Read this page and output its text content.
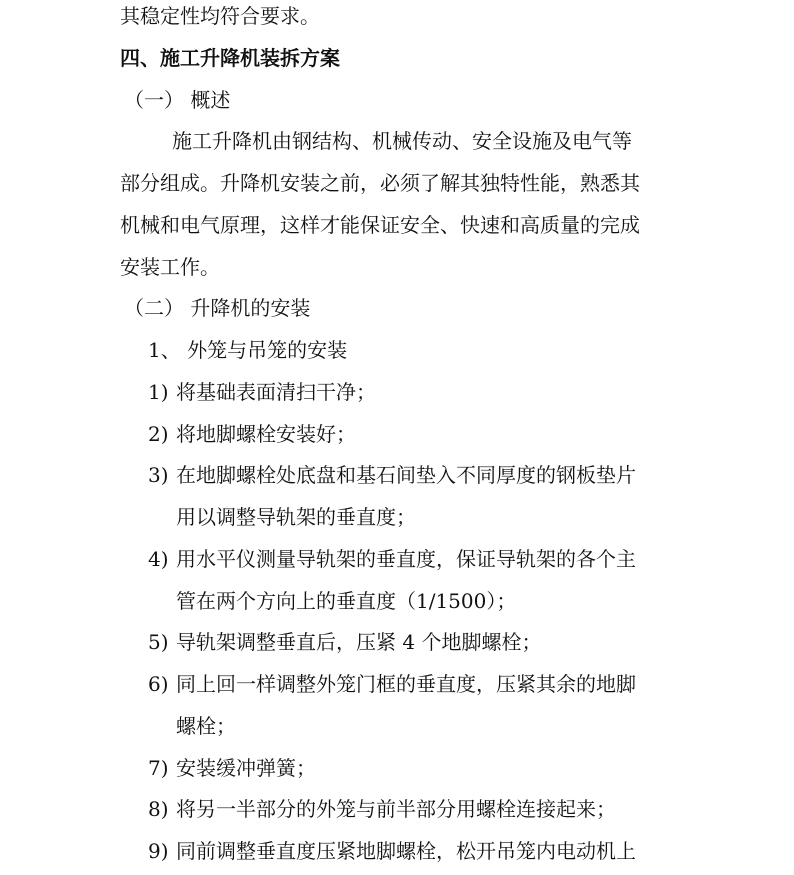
其稳定性均符合要求。
四、施工升降机装拆方案
（一） 概述
施工升降机由钢结构、机械传动、安全设施及电气等
部分组成。升降机安装之前，必须了解其独特性能，熟悉其
机械和电气原理，这样才能保证安全、快速和高质量的完成
安装工作。
（二） 升降机的安装
1、 外笼与吊笼的安装
1) 将基础表面清扫干净；
2) 将地脚螺栓安装好；
3) 在地脚螺栓处底盘和基石间垫入不同厚度的钢板垫片
用以调整导轨架的垂直度；
4) 用水平仪测量导轨架的垂直度，保证导轨架的各个主
管在两个方向上的垂直度（1/1500）；
5) 导轨架调整垂直后，压紧 4 个地脚螺栓；
6) 同上回一样调整外笼门框的垂直度，压紧其余的地脚
螺栓；
7) 安装缓冲弹簧；
8) 将另一半部分的外笼与前半部分用螺栓连接起来；
9) 同前调整垂直度压紧地脚螺栓，松开吊笼内电动机上
